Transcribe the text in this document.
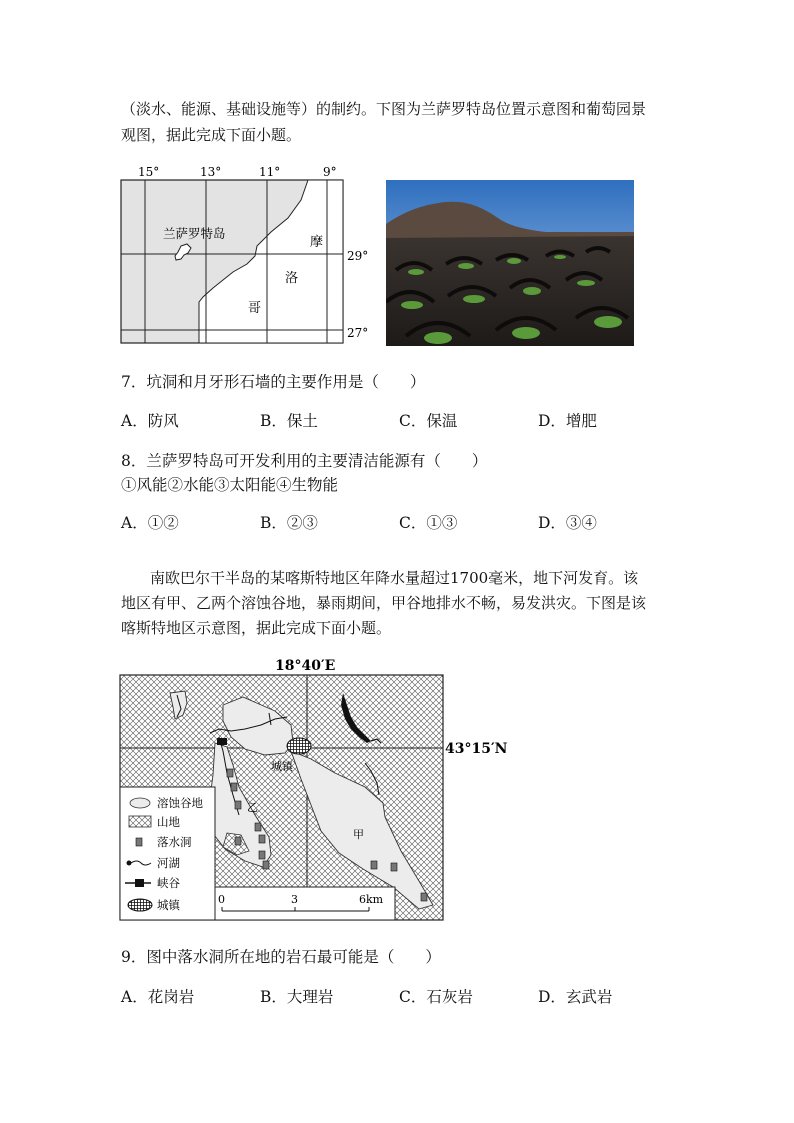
（淡水、能源、基础设施等）的制约。下图为兰萨罗特岛位置示意图和葡萄园景
观图，据此完成下面小题。
15°	13°	11°	9°
兰萨罗特岛
摩
洛
哥
29°
27°
7．坑洞和月牙形石墙的主要作用是（　　）
A．防风	B．保土	C．保温	D．增肥
8．兰萨罗特岛可开发利用的主要清洁能源有（　　）
①风能②水能③太阳能④生物能
A．①②	B．②③	C．①③	D．③④
南欧巴尔干半岛的某喀斯特地区年降水量超过1700毫米，地下河发育。该
地区有甲、乙两个溶蚀谷地，暴雨期间，甲谷地排水不畅，易发洪灾。下图是该
喀斯特地区示意图，据此完成下面小题。
18°40′E
43°15′N
城镇
甲
乙
溶蚀谷地
山地
落水洞
河湖
峡谷
城镇	0	3	6km
9．图中落水洞所在地的岩石最可能是（　　）
A．花岗岩	B．大理岩	C．石灰岩	D．玄武岩
